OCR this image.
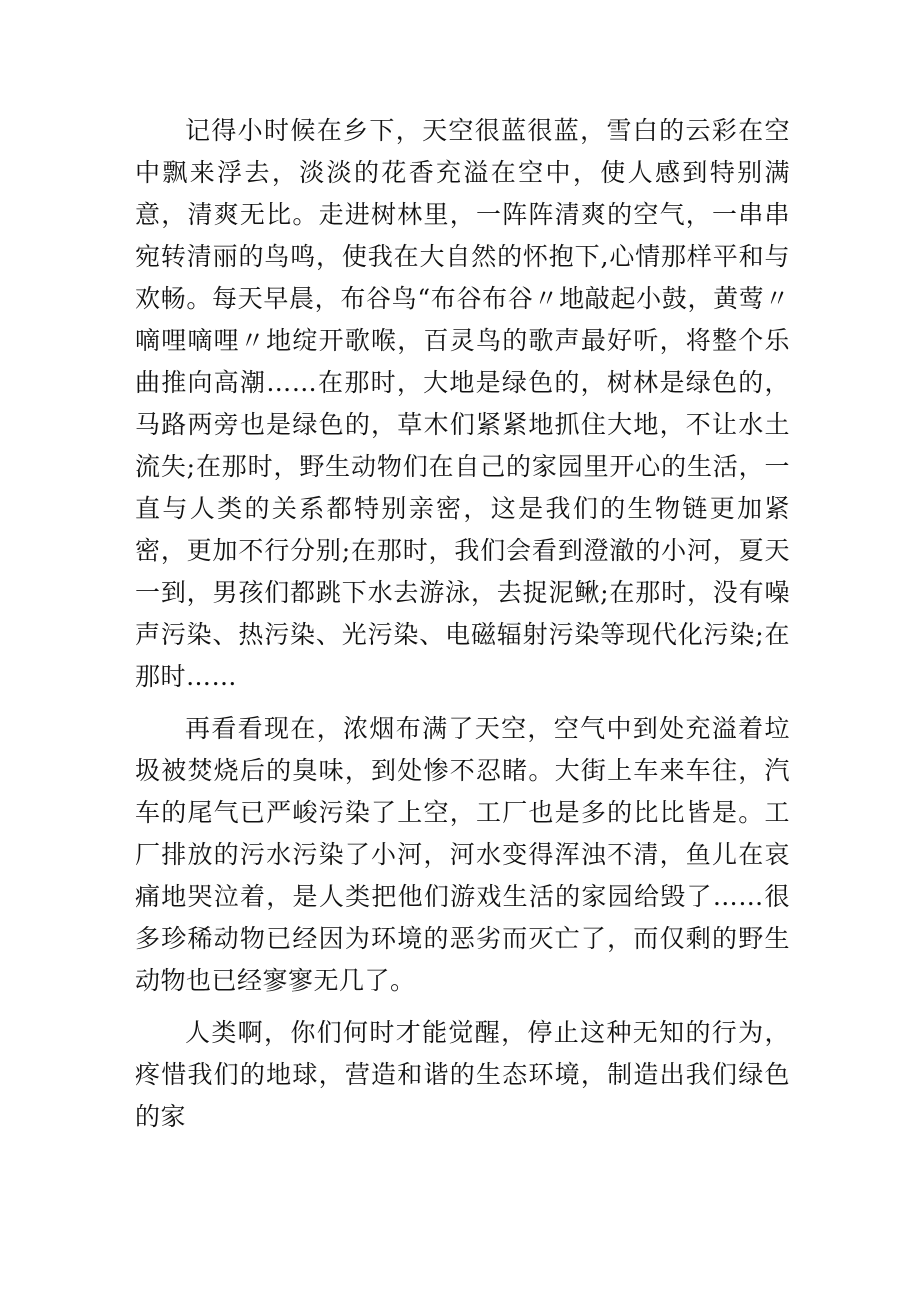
记得小时候在乡下，天空很蓝很蓝，雪白的云彩在空中飘来浮去，淡淡的花香充溢在空中，使人感到特别满意，清爽无比。走进树林里，一阵阵清爽的空气，一串串宛转清丽的鸟鸣，使我在大自然的怀抱下,心情那样平和与欢畅。每天早晨，布谷鸟“布谷布谷〃地敲起小鼓，黄莺〃嘀哩嘀哩〃地绽开歌喉，百灵鸟的歌声最好听，将整个乐曲推向高潮……在那时，大地是绿色的，树林是绿色的，马路两旁也是绿色的，草木们紧紧地抓住大地，不让水土流失;在那时，野生动物们在自己的家园里开心的生活，一直与人类的关系都特别亲密，这是我们的生物链更加紧密，更加不行分别;在那时，我们会看到澄澈的小河，夏天一到，男孩们都跳下水去游泳，去捉泥鳅;在那时，没有噪声污染、热污染、光污染、电磁辐射污染等现代化污染;在那时……

再看看现在，浓烟布满了天空，空气中到处充溢着垃圾被焚烧后的臭味，到处惨不忍睹。大街上车来车往，汽车的尾气已严峻污染了上空，工厂也是多的比比皆是。工厂排放的污水污染了小河，河水变得浑浊不清，鱼儿在哀痛地哭泣着，是人类把他们游戏生活的家园给毁了……很多珍稀动物已经因为环境的恶劣而灭亡了，而仅剩的野生动物也已经寥寥无几了。

人类啊，你们何时才能觉醒，停止这种无知的行为，疼惜我们的地球，营造和谐的生态环境，制造出我们绿色的家
